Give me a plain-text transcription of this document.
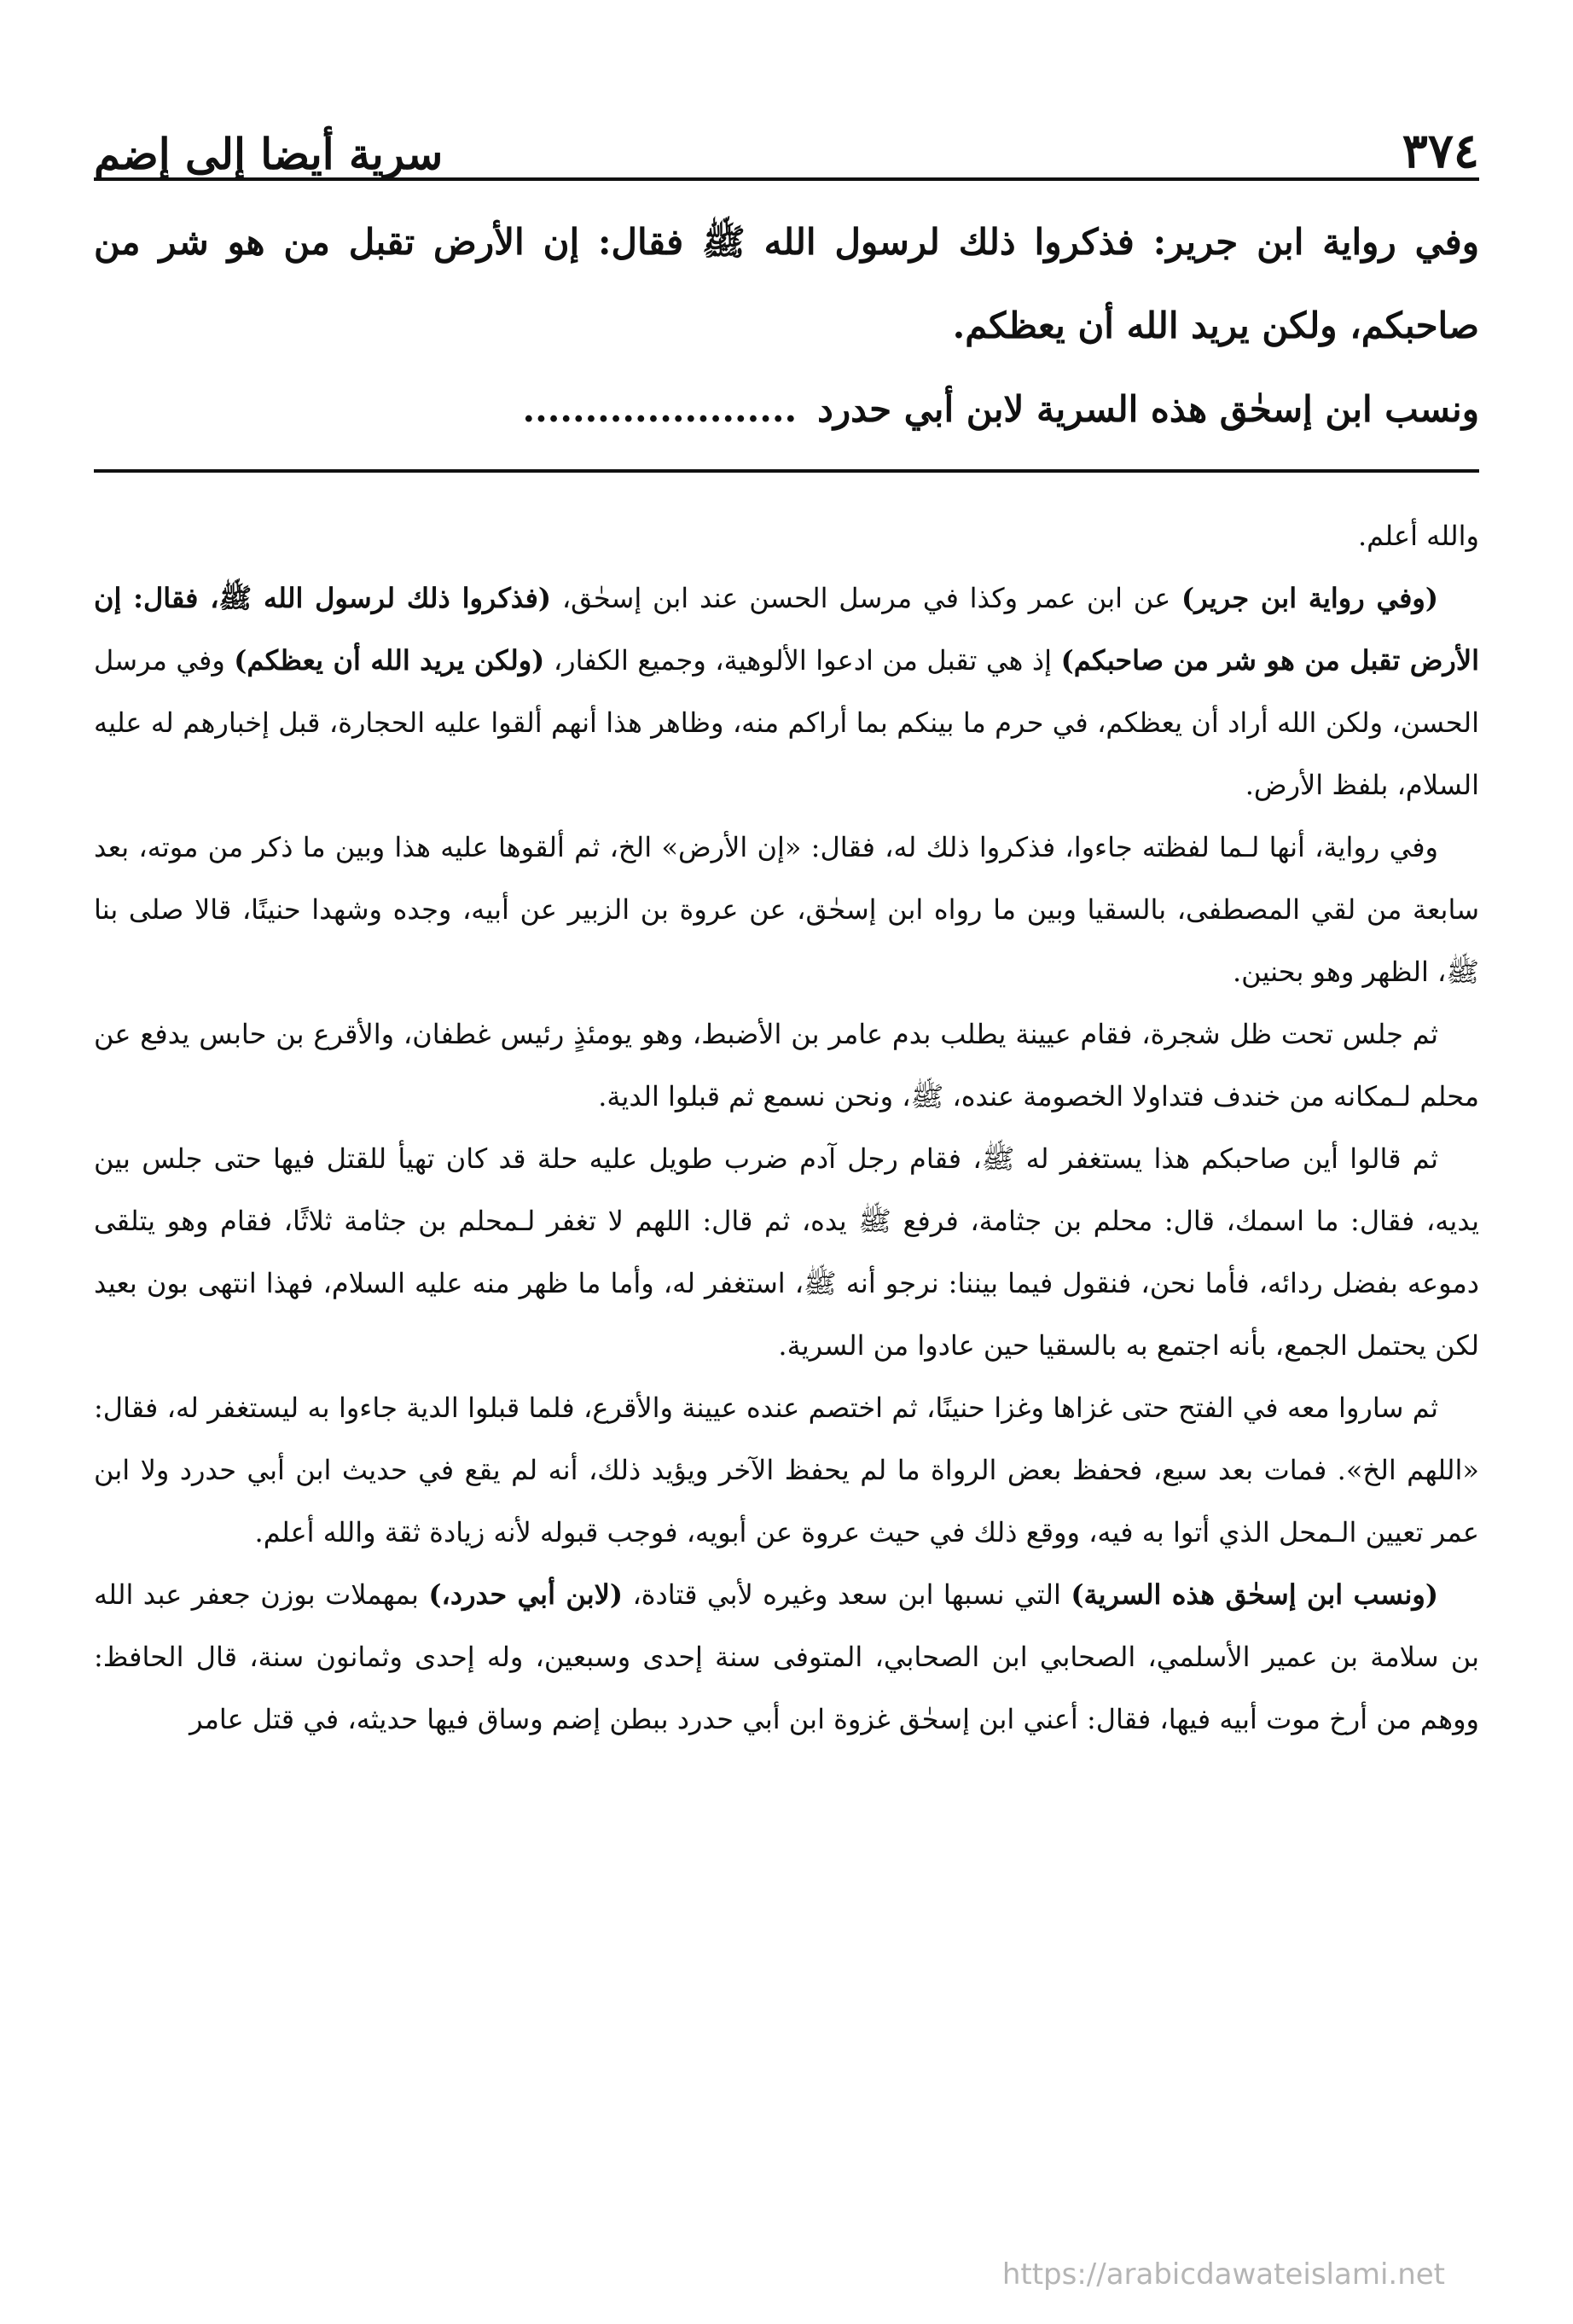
٣٧٤
سرية أيضا إلى إضم

وفي رواية ابن جرير: فذكروا ذلك لرسول الله ﷺ فقال: إن الأرض تقبل من هو شر من صاحبكم، ولكن يريد الله أن يعظكم.

ونسب ابن إسحٰق هذه السرية لابن أبي حدرد......................

والله أعلم.

(وفي رواية ابن جرير) عن ابن عمر وكذا في مرسل الحسن عند ابن إسحٰق، (فذكروا ذلك لرسول الله ﷺ، فقال: إن الأرض تقبل من هو شر من صاحبكم) إذ هي تقبل من ادعوا الألوهية، وجميع الكفار، (ولكن يريد الله أن يعظكم) وفي مرسل الحسن، ولكن الله أراد أن يعظكم، في حرم ما بينكم بما أراكم منه، وظاهر هذا أنهم ألقوا عليه الحجارة، قبل إخبارهم له عليه السلام، بلفظ الأرض.

وفي رواية، أنها لـما لفظته جاءوا، فذكروا ذلك له، فقال: «إن الأرض» الخ، ثم ألقوها عليه هذا وبين ما ذكر من موته، بعد سابعة من لقي المصطفى، بالسقيا وبين ما رواه ابن إسحٰق، عن عروة بن الزبير عن أبيه، وجده وشهدا حنينًا، قالا صلى بنا ﷺ، الظهر وهو بحنين.

ثم جلس تحت ظل شجرة، فقام عيينة يطلب بدم عامر بن الأضبط، وهو يومئذٍ رئيس غطفان، والأقرع بن حابس يدفع عن محلم لـمكانه من خندف فتداولا الخصومة عنده، ﷺ، ونحن نسمع ثم قبلوا الدية.

ثم قالوا أين صاحبكم هذا يستغفر له ﷺ، فقام رجل آدم ضرب طويل عليه حلة قد كان تهيأ للقتل فيها حتى جلس بين يديه، فقال: ما اسمك، قال: محلم بن جثامة، فرفع ﷺ يده، ثم قال: اللهم لا تغفر لـمحلم بن جثامة ثلاثًا، فقام وهو يتلقى دموعه بفضل ردائه، فأما نحن، فنقول فيما بيننا: نرجو أنه ﷺ، استغفر له، وأما ما ظهر منه عليه السلام، فهذا انتهى بون بعيد لكن يحتمل الجمع، بأنه اجتمع به بالسقيا حين عادوا من السرية.

ثم ساروا معه في الفتح حتى غزاها وغزا حنينًا، ثم اختصم عنده عيينة والأقرع، فلما قبلوا الدية جاءوا به ليستغفر له، فقال: «اللهم الخ». فمات بعد سبع، فحفظ بعض الرواة ما لم يحفظ الآخر ويؤيد ذلك، أنه لم يقع في حديث ابن أبي حدرد ولا ابن عمر تعيين الـمحل الذي أتوا به فيه، ووقع ذلك في حيث عروة عن أبويه، فوجب قبوله لأنه زيادة ثقة والله أعلم.

(ونسب ابن إسحٰق هذه السرية) التي نسبها ابن سعد وغيره لأبي قتادة، (لابن أبي حدرد،) بمهملات بوزن جعفر عبد الله بن سلامة بن عمير الأسلمي، الصحابي ابن الصحابي، المتوفى سنة إحدى وسبعين، وله إحدى وثمانون سنة، قال الحافظ: ووهم من أرخ موت أبيه فيها، فقال: أعني ابن إسحٰق غزوة ابن أبي حدرد ببطن إضم وساق فيها حديثه، في قتل عامر

https://arabicdawateislami.net
